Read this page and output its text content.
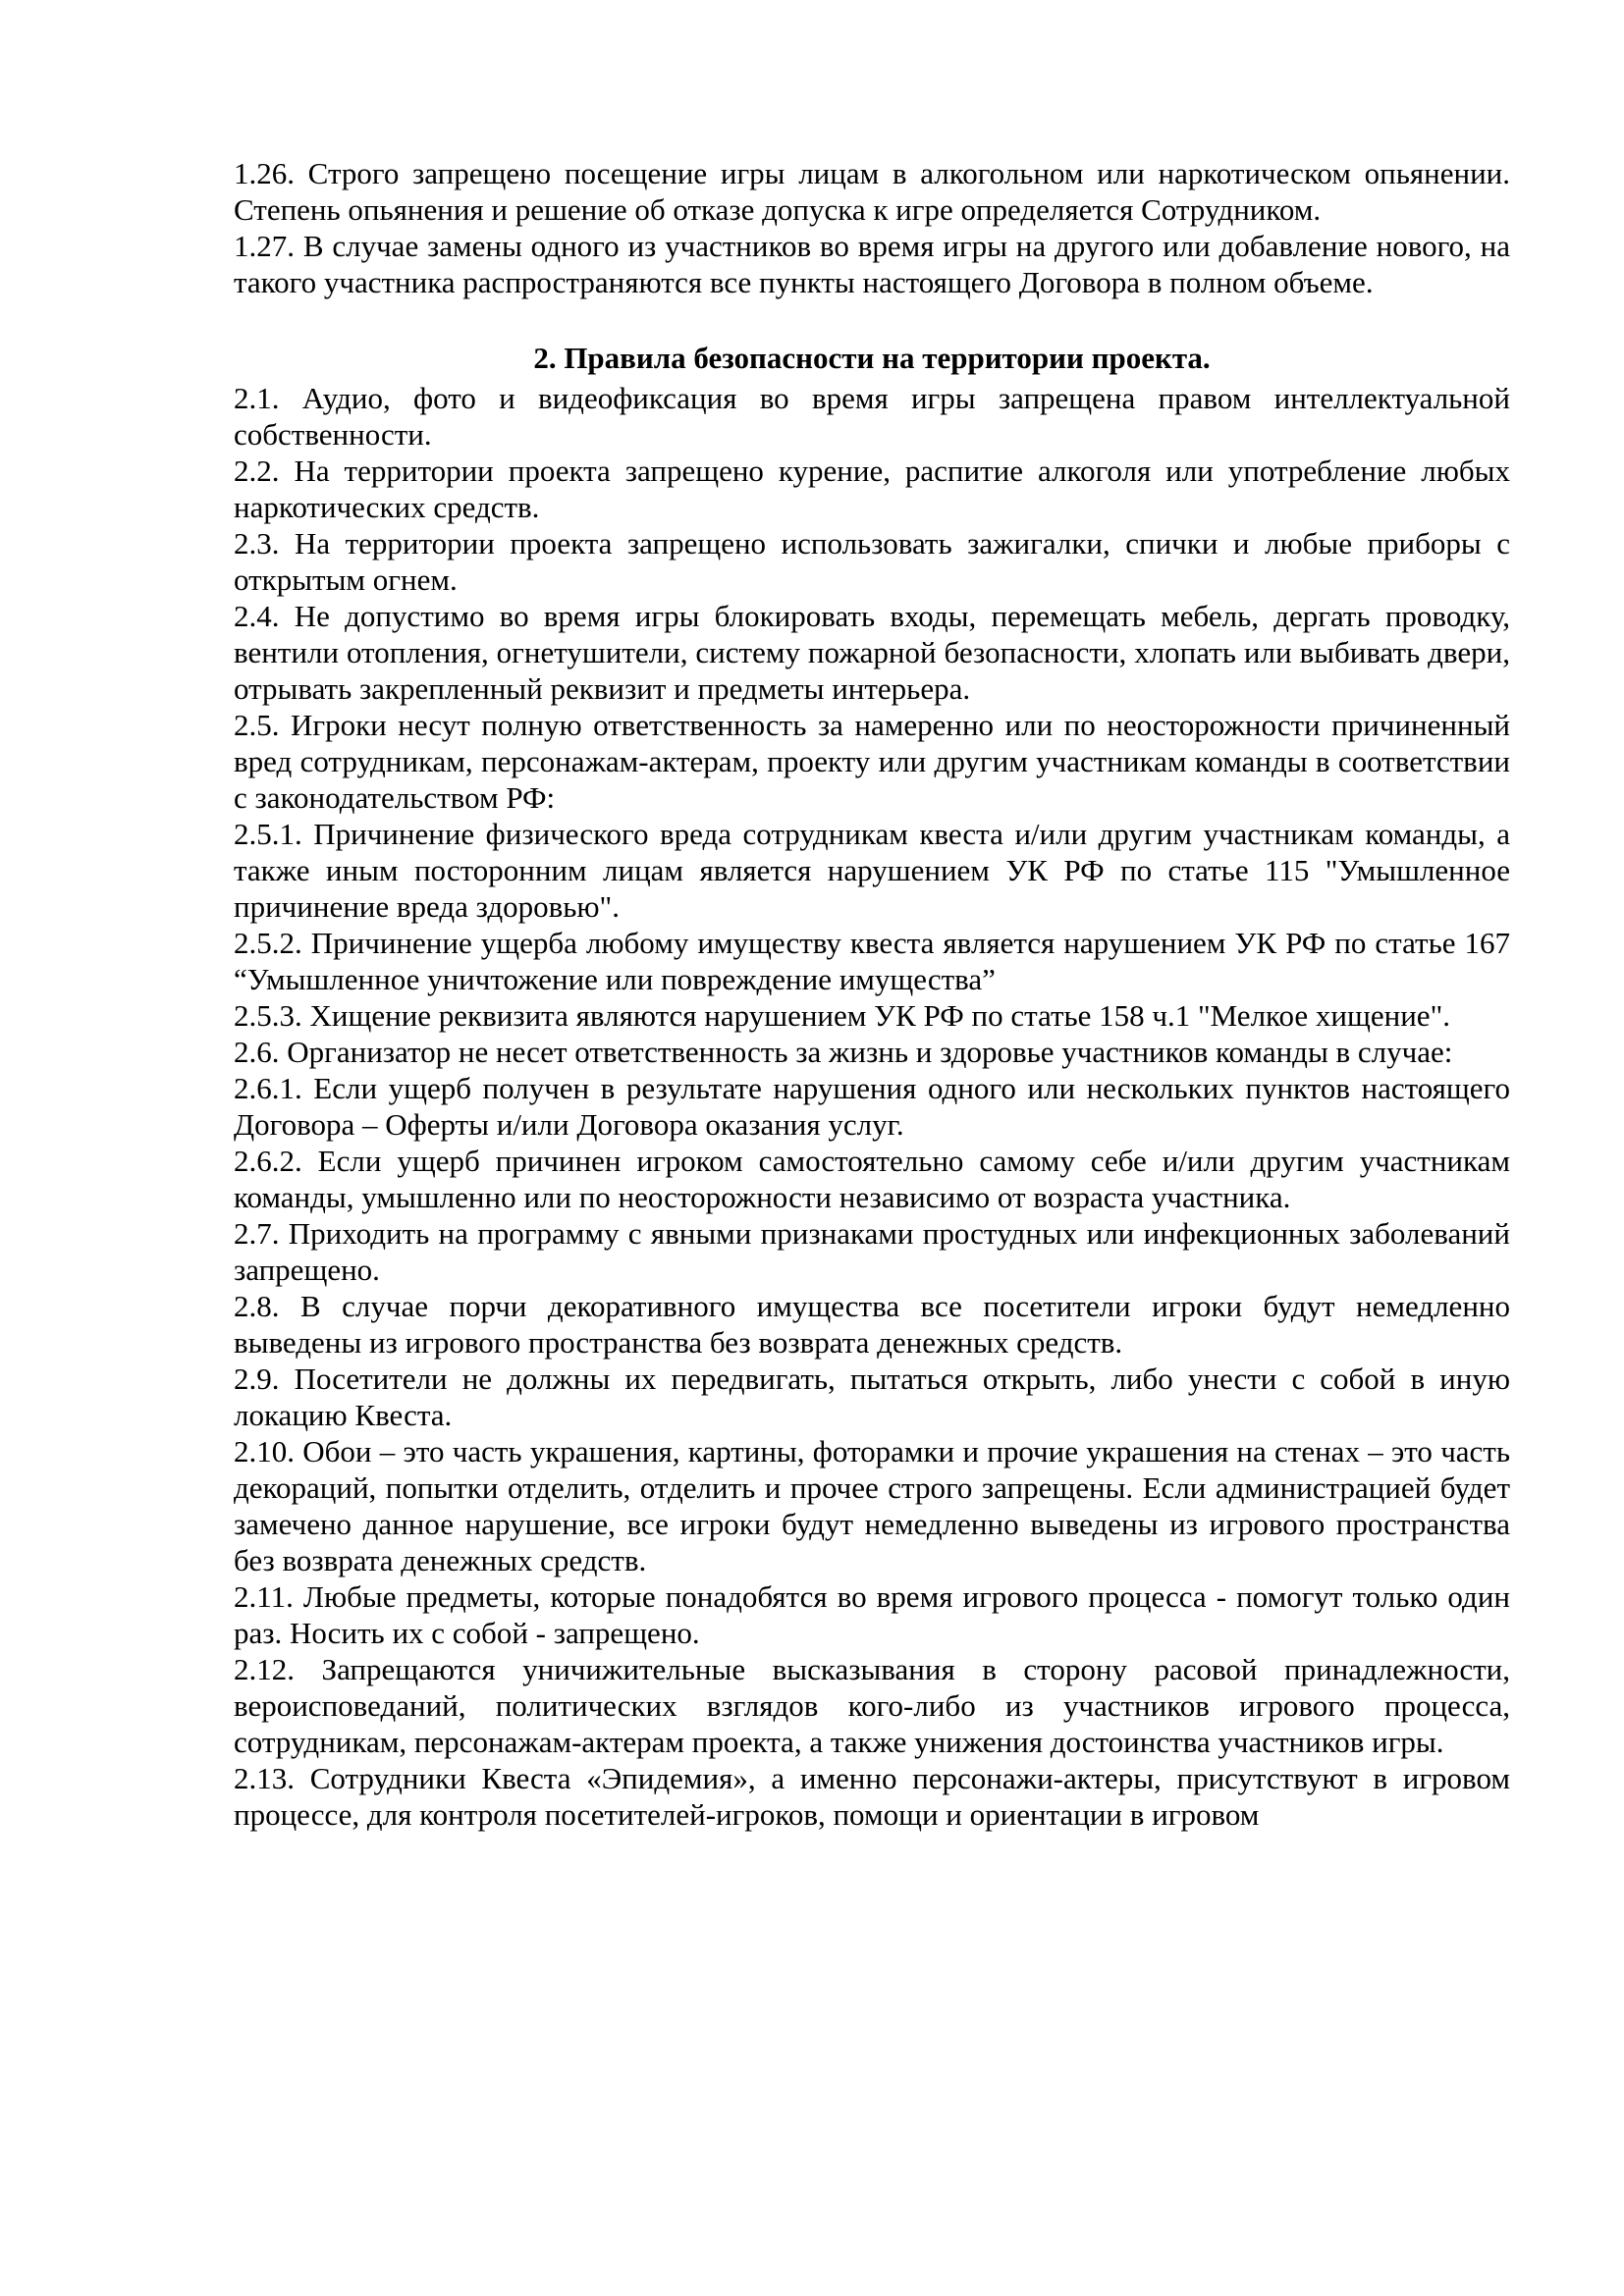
1.26. Строго запрещено посещение игры лицам в алкогольном или наркотическом опьянении. Степень опьянения и решение об отказе допуска к игре определяется Сотрудником.

1.27. В случае замены одного из участников во время игры на другого или добавление нового, на такого участника распространяются все пункты настоящего Договора в полном объеме.

2. Правила безопасности на территории проекта.

2.1. Аудио, фото и видеофиксация во время игры запрещена правом интеллектуальной собственности.

2.2. На территории проекта запрещено курение, распитие алкоголя или употребление любых наркотических средств.

2.3. На территории проекта запрещено использовать зажигалки, спички и любые приборы с открытым огнем.

2.4. Не допустимо во время игры блокировать входы, перемещать мебель, дергать проводку, вентили отопления, огнетушители, систему пожарной безопасности, хлопать или выбивать двери, отрывать закрепленный реквизит и предметы интерьера.

2.5. Игроки несут полную ответственность за намеренно или по неосторожности причиненный вред сотрудникам, персонажам-актерам, проекту или другим участникам команды в соответствии с законодательством РФ:

2.5.1. Причинение физического вреда сотрудникам квеста и/или другим участникам команды, а также иным посторонним лицам является нарушением УК РФ по статье 115 "Умышленное причинение вреда здоровью".

2.5.2. Причинение ущерба любому имуществу квеста является нарушением УК РФ по статье 167 “Умышленное уничтожение или повреждение имущества”

2.5.3. Хищение реквизита являются нарушением УК РФ по статье 158 ч.1 "Мелкое хищение".

2.6. Организатор не несет ответственность за жизнь и здоровье участников команды в случае:

2.6.1. Если ущерб получен в результате нарушения одного или нескольких пунктов настоящего Договора – Оферты и/или Договора оказания услуг.

2.6.2. Если ущерб причинен игроком самостоятельно самому себе и/или другим участникам команды, умышленно или по неосторожности независимо от возраста участника.

2.7. Приходить на программу с явными признаками простудных или инфекционных заболеваний запрещено.

2.8. В случае порчи декоративного имущества все посетители игроки будут немедленно выведены из игрового пространства без возврата денежных средств.

2.9. Посетители не должны их передвигать, пытаться открыть, либо унести с собой в иную локацию Квеста.

2.10. Обои – это часть украшения, картины, фоторамки и прочие украшения на стенах – это часть декораций, попытки отделить, отделить и прочее строго запрещены. Если администрацией будет замечено данное нарушение, все игроки будут немедленно выведены из игрового пространства без возврата денежных средств.

2.11. Любые предметы, которые понадобятся во время игрового процесса - помогут только один раз. Носить их с собой - запрещено.

2.12. Запрещаются уничижительные высказывания в сторону расовой принадлежности, вероисповеданий, политических взглядов кого-либо из участников игрового процесса, сотрудникам, персонажам-актерам проекта, а также унижения достоинства участников игры.

2.13. Сотрудники Квеста «Эпидемия», а именно персонажи-актеры, присутствуют в игровом процессе, для контроля посетителей-игроков, помощи и ориентации в игровом
